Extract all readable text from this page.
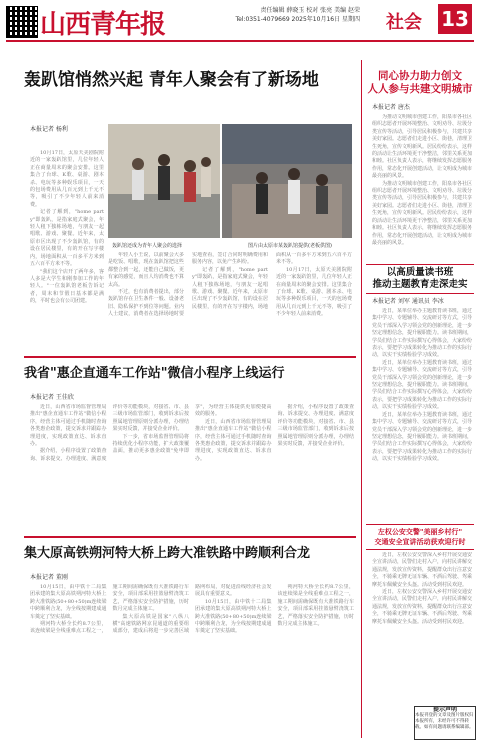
山西青年报	责任编辑 薛晓玉 校对 张亮 美编 赵荣
Tel:0351-4079669 2025年10月16日 星期四 社会 13
轰趴馆悄然兴起 青年人聚会有了新场地
本报记者 杨利

10月17日，太原天美剧院附近的一家轰趴馆里，几位年轻人正在商量周末的聚会安排。这里集合了台球、K歌、桌游、剧本杀、电玩等多种娱乐项目，一天的包场费用从几百元到上千元不等，吸引了不少年轻人前来消费。

记者了解到，"home party"即轰趴，是指家庭式聚会，年轻人租下独栋场地，与朋友一起唱歌、游戏、聚餐。近年来，太原市区出现了不少轰趴馆，有的设在居民楼里，有的开在写字楼内，场地面积从一百多平方米到五六百平方米不等。

"我们这个店开了两年多，客人多是大学生和刚参加工作的年轻人。"一位轰趴馆老板告诉记者，周末和节假日基本都是满的，平时也会有公司团建。

轰趴馆还成为青年人聚会的选择	图片由太原市某轰趴馆提供(老板供图)

年轻人小王说，以前聚会大多是吃饭、唱歌，现在轰趴馆把这些都整合到一起，还能自己做饭，更有家的感觉，而且人均消费也不算太高。

不过，也有消费者提出，部分轰趴馆存在卫生条件一般、设备老旧、隐私保护不到位等问题。业内人士建议，消费者在选择场地时要实地查看，签订合同时明确费用和服务内容，以免产生纠纷。

记者了解到，"home party"即轰趴，是指家庭式聚会，年轻人租下独栋场地，与朋友一起唱歌、游戏、聚餐。近年来，太原市区出现了不少轰趴馆，有的设在居民楼里，有的开在写字楼内，场地面积从一百多平方米到五六百平方米不等。

10月17日，太原天美剧院附近的一家轰趴馆里，几位年轻人正在商量周末的聚会安排。这里集合了台球、K歌、桌游、剧本杀、电玩等多种娱乐项目，一天的包场费用从几百元到上千元不等，吸引了不少年轻人前来消费。

我省"惠企直通车工作站"微信小程序上线运行
本报记者 王佳欣

近日，山西省市场监督管理局推出"惠企直通车工作站"微信小程序，经营主体可通过手机随时查询各类惠企政策，提交诉求并跟踪办理进度，实现政策直达、诉求直办。

据介绍，小程序设置了政策查询、诉求提交、办理进度、满意度评价等功能模块，对接省、市、县三级市场监管部门，收到诉求后按照属地管理原则分派办理，办理结果实时反馈，并接受企业评价。

下一步，省市场监督管理局将持续优化小程序功能，扩大政策覆盖面，推动更多惠企政策"免申即享"，为经营主体提供更加便捷高效的服务。

近日，山西省市场监督管理局推出"惠企直通车工作站"微信小程序，经营主体可通过手机随时查询各类惠企政策，提交诉求并跟踪办理进度，实现政策直达、诉求直办。

据介绍，小程序设置了政策查询、诉求提交、办理进度、满意度评价等功能模块，对接省、市、县三级市场监管部门，收到诉求后按照属地管理原则分派办理，办理结果实时反馈，并接受企业评价。

集大原高铁朔河特大桥上跨大准铁路中跨顺利合龙
本报记者 董刚

10月15日，由中铁十二局集团承建的集大原高铁朔河特大桥上跨大准铁路(50+80+50)m连续梁中跨顺利合龙，为全线按期建成通车奠定了坚实基础。

朔河特大桥全长约8.7公里，该连续梁是全线重难点工程之一，施工期间需确保既有大准铁路行车安全，项目部采用挂篮悬臂浇筑工艺，严格落实安全防护措施，历时数月完成主体施工。

集大原高铁是国家"八纵八横"高速铁路网京昆通道的重要组成部分，建成后将进一步完善区域路网布局，对促进沿线经济社会发展具有重要意义。

10月15日，由中铁十二局集团承建的集大原高铁朔河特大桥上跨大准铁路(50+80+50)m连续梁中跨顺利合龙，为全线按期建成通车奠定了坚实基础。

朔河特大桥全长约8.7公里，该连续梁是全线重难点工程之一，施工期间需确保既有大准铁路行车安全，项目部采用挂篮悬臂浇筑工艺，严格落实安全防护措施，历时数月完成主体施工。

同心协力助力创文
人人参与共建文明城市
本报记者 唐杰

为推动文明城市创建工作，阳泉市各社区组织志愿者开展环境整治、文明劝导、垃圾分类宣传等活动，引导居民积极参与，共建共享美好家园。志愿者们走进小区、街巷，清理卫生死角，宣传文明新风。居民纷纷表示，这样的活动让生活环境更干净整洁，邻里关系更加和睦。社区负责人表示，将继续发挥志愿服务作用，常态化开展创建活动，让文明成为城市最亮丽的风景。

为推动文明城市创建工作，阳泉市各社区组织志愿者开展环境整治、文明劝导、垃圾分类宣传等活动，引导居民积极参与，共建共享美好家园。志愿者们走进小区、街巷，清理卫生死角，宣传文明新风。居民纷纷表示，这样的活动让生活环境更干净整洁，邻里关系更加和睦。社区负责人表示，将继续发挥志愿服务作用，常态化开展创建活动，让文明成为城市最亮丽的风景。

以高质量读书班
推动主题教育走深走实
本报记者 刘军 通讯员 李冰

近日，某单位举办主题教育读书班，通过集中学习、专题辅导、交流研讨等方式，引导党员干部深入学习领会党的创新理论，进一步坚定理想信念，提升履职能力。读书班期间，学员们结合工作实际撰写心得体会，大家纷纷表示，要把学习成果转化为推动工作的实际行动，以实干实绩检验学习成效。

近日，某单位举办主题教育读书班，通过集中学习、专题辅导、交流研讨等方式，引导党员干部深入学习领会党的创新理论，进一步坚定理想信念，提升履职能力。读书班期间，学员们结合工作实际撰写心得体会，大家纷纷表示，要把学习成果转化为推动工作的实际行动，以实干实绩检验学习成效。

近日，某单位举办主题教育读书班，通过集中学习、专题辅导、交流研讨等方式，引导党员干部深入学习领会党的创新理论，进一步坚定理想信念，提升履职能力。读书班期间，学员们结合工作实际撰写心得体会，大家纷纷表示，要把学习成果转化为推动工作的实际行动，以实干实绩检验学习成效。

左权公安交警"美丽乡村行"
交通安全宣讲活动获欢迎行时

近日，左权公安交警深入乡村开展交通安全宣讲活动，民警们走村入户，向村民讲解交通法规，发放宣传资料，提醒群众出行注意安全，不骑乘无牌无证车辆、不酒后驾驶、驾乘摩托车佩戴安全头盔。活动受到村民欢迎。

近日，左权公安交警深入乡村开展交通安全宣讲活动，民警们走村入户，向村民讲解交通法规，发放宣传资料，提醒群众出行注意安全，不骑乘无牌无证车辆、不酒后驾驶、驾乘摩托车佩戴安全头盔。活动受到村民欢迎。

提示声明
本报刊登的文章及图片版权归本报所有，未经许可不得转载。如有问题请联系编辑部。
